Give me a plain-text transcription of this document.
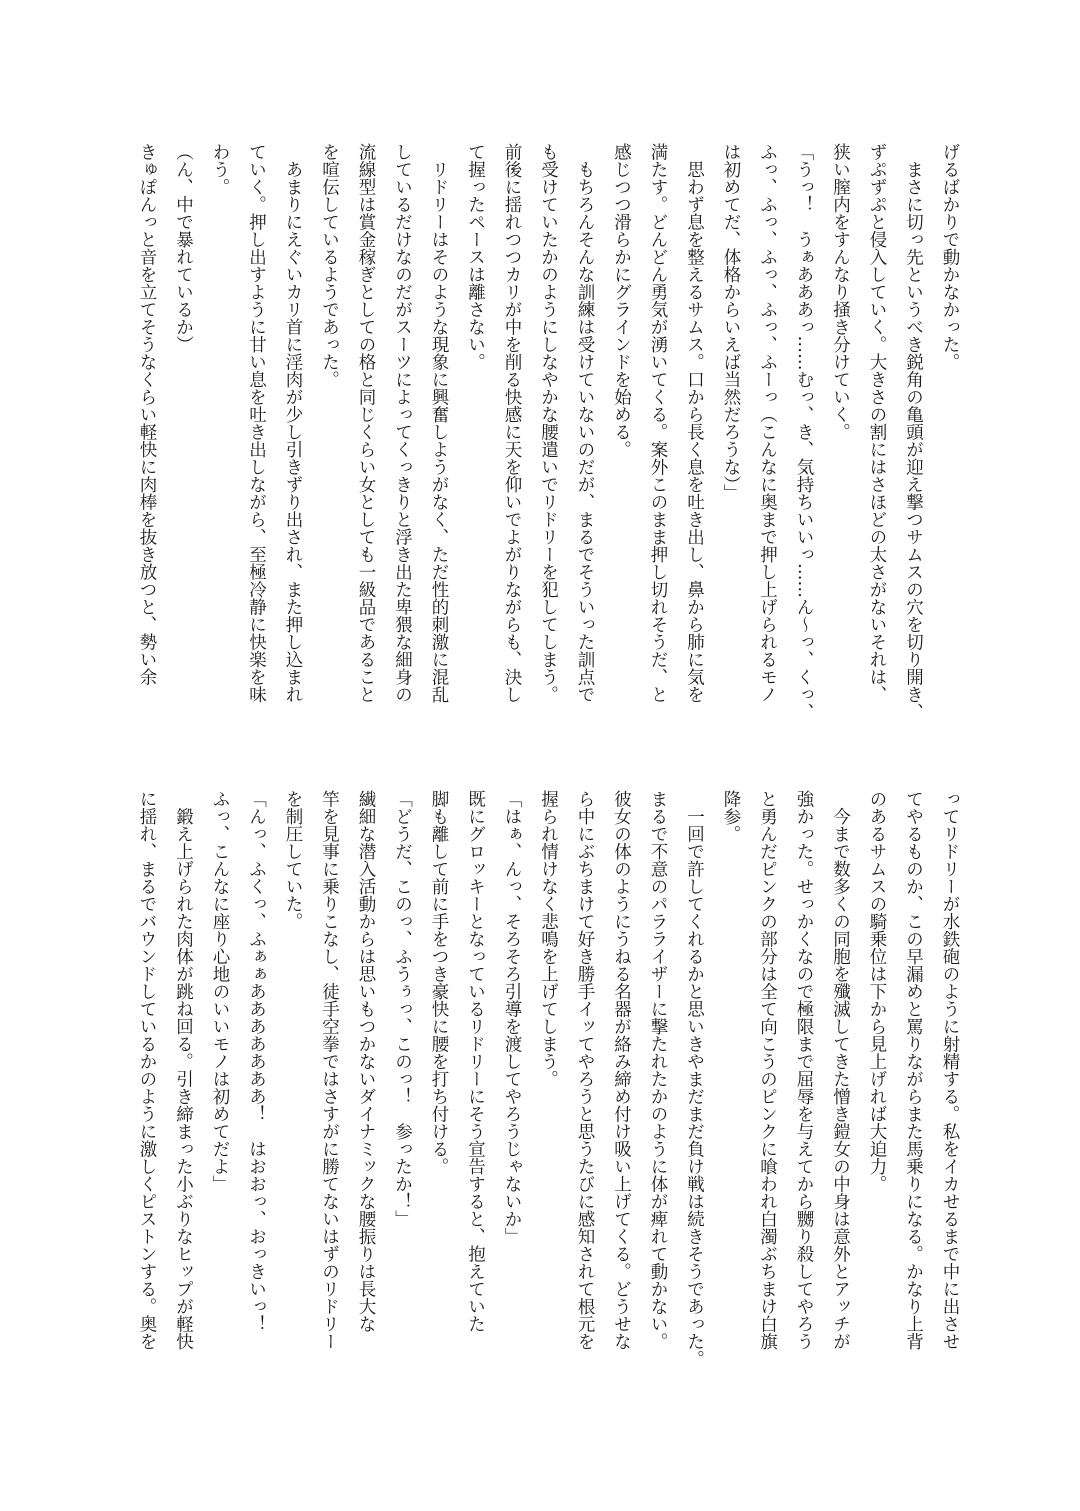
げるばかりで動かなかった。
　まさに切っ先というべき鋭角の亀頭が迎え撃つサムスの穴を切り開き、
ずぷずぷと侵入していく。大きさの割にはさほどの太さがないそれは、
狭い膣内をすんなり掻き分けていく。
「うっ！　うぁあああっ……むっ、き、気持ちいいっ……ん～っ、くっ、
ふっ、ふっ、ふっ、ふっ、ふーっ（こんなに奥まで押し上げられるモノ
は初めてだ、体格からいえば当然だろうな）」
　思わず息を整えるサムス。口から長く息を吐き出し、鼻から肺に気を
満たす。どんどん勇気が湧いてくる。案外このまま押し切れそうだ、と
感じつつ滑らかにグラインドを始める。
　もちろんそんな訓練は受けていないのだが、まるでそういった訓点で
も受けていたかのようにしなやかな腰遣いでリドリーを犯してしまう。
前後に揺れつつカリが中を削る快感に天を仰いでよがりながらも、決し
て握ったペースは離さない。
　リドリーはそのような現象に興奮しようがなく、ただ性的刺激に混乱
しているだけなのだがスーツによってくっきりと浮き出た卑猥な細身の
流線型は賞金稼ぎとしての格と同じくらい女としても一級品であること
を喧伝しているようであった。
　あまりにえぐいカリ首に淫肉が少し引きずり出され、また押し込まれ
ていく。押し出すように甘い息を吐き出しながら、至極冷静に快楽を味
わう。
（ん、中で暴れているか）
きゅぽんっと音を立てそうなくらい軽快に肉棒を抜き放つと、勢い余
ってリドリーが水鉄砲のように射精する。私をイカせるまで中に出させ
てやるものか、この早漏めと罵りながらまた馬乗りになる。かなり上背
のあるサムスの騎乗位は下から見上げれば大迫力。
　今まで数多くの同胞を殲滅してきた憎き鎧女の中身は意外とアッチが
強かった。せっかくなので極限まで屈辱を与えてから嬲り殺してやろう
と勇んだピンクの部分は全て向こうのピンクに喰われ白濁ぶちまけ白旗
降参。
　一回で許してくれるかと思いきやまだまだ負け戦は続きそうであった。
まるで不意のパラライザーに撃たれたかのように体が痺れて動かない。
彼女の体のようにうねる名器が絡み締め付け吸い上げてくる。どうせな
ら中にぶちまけて好き勝手イッてやろうと思うたびに感知されて根元を
握られ情けなく悲鳴を上げてしまう。
「はぁ、んっ、そろそろ引導を渡してやろうじゃないか」
既にグロッキーとなっているリドリーにそう宣告すると、抱えていた
脚も離して前に手をつき豪快に腰を打ち付ける。
「どうだ、このっ、ふうぅっ、このっ！　参ったか！」
繊細な潜入活動からは思いもつかないダイナミックな腰振りは長大な
竿を見事に乗りこなし、徒手空拳ではさすがに勝てないはずのリドリー
を制圧していた。
「んっ、ふくっ、ふぁぁあああああああ！　はおおっ、おっきいっ！
ふっ、こんなに座り心地のいいモノは初めてだよ」
　鍛え上げられた肉体が跳ね回る。引き締まった小ぶりなヒップが軽快
に揺れ、まるでバウンドしているかのように激しくピストンする。奥を
